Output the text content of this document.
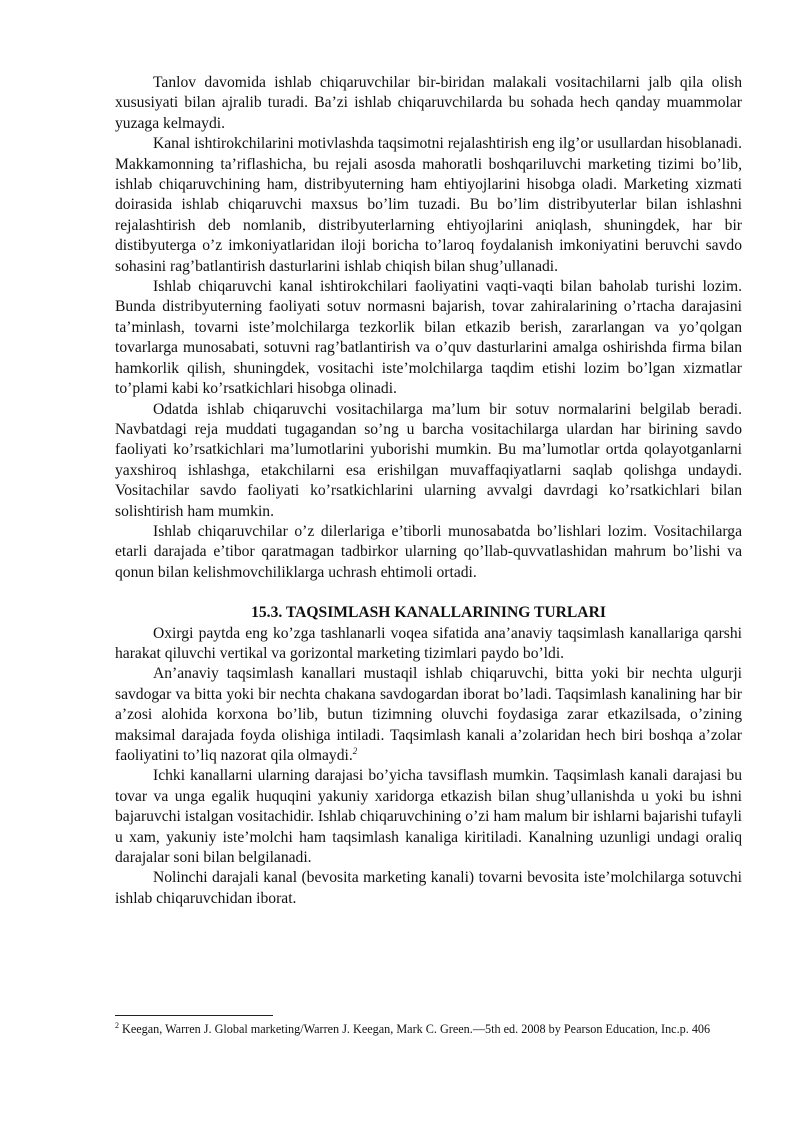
Tanlov davomida ishlab chiqaruvchilar bir-biridan malakali vositachilarni jalb qila olish xususiyati bilan ajralib turadi. Ba’zi ishlab chiqaruvchilarda bu sohada hech qanday muammolar yuzaga kelmaydi.

Kanal ishtirokchilarini motivlashda taqsimotni rejalashtirish eng ilg’or usullardan hisoblanadi. Makkamonning ta’riflashicha, bu rejali asosda mahoratli boshqariluvchi marketing tizimi bo’lib, ishlab chiqaruvchining ham, distribyuterning ham ehtiyojlarini hisobga oladi. Marketing xizmati doirasida ishlab chiqaruvchi maxsus bo’lim tuzadi. Bu bo’lim distribyuterlar bilan ishlashni rejalashtirish deb nomlanib, distribyuterlarning ehtiyojlarini aniqlash, shuningdek, har bir distibyuterga o’z imkoniyatlaridan iloji boricha to’laroq foydalanish imkoniyatini beruvchi savdo sohasini rag’batlantirish dasturlarini ishlab chiqish bilan shug’ullanadi.

Ishlab chiqaruvchi kanal ishtirokchilari faoliyatini vaqti-vaqti bilan baholab turishi lozim. Bunda distribyuterning faoliyati sotuv normasni bajarish, tovar zahiralarining o’rtacha darajasini ta’minlash, tovarni iste’molchilarga tezkorlik bilan etkazib berish, zararlangan va yo’qolgan tovarlarga munosabati, sotuvni rag’batlantirish va o’quv dasturlarini amalga oshirishda firma bilan hamkorlik qilish, shuningdek, vositachi iste’molchilarga taqdim etishi lozim bo’lgan xizmatlar to’plami kabi ko’rsatkichlari hisobga olinadi.

Odatda ishlab chiqaruvchi vositachilarga ma’lum bir sotuv normalarini belgilab beradi. Navbatdagi reja muddati tugagandan so’ng u barcha vositachilarga ulardan har birining savdo faoliyati ko’rsatkichlari ma’lumotlarini yuborishi mumkin. Bu ma’lumotlar ortda qolayotganlarni yaxshiroq ishlashga, etakchilarni esa erishilgan muvaffaqiyatlarni saqlab qolishga undaydi. Vositachilar savdo faoliyati ko’rsatkichlarini ularning avvalgi davrdagi ko’rsatkichlari bilan solishtirish ham mumkin.

Ishlab chiqaruvchilar o’z dilerlariga e’tiborli munosabatda bo’lishlari lozim. Vositachilarga etarli darajada e’tibor qaratmagan tadbirkor ularning qo’llab-quvvatlashidan mahrum bo’lishi va qonun bilan kelishmovchiliklarga uchrash ehtimoli ortadi.

15.3. TAQSIMLASH KANALLARINING TURLARI

Oxirgi paytda eng ko’zga tashlanarli voqea sifatida ana’anaviy taqsimlash kanallariga qarshi harakat qiluvchi vertikal va gorizontal marketing tizimlari paydo bo’ldi.

An’anaviy taqsimlash kanallari mustaqil ishlab chiqaruvchi, bitta yoki bir nechta ulgurji savdogar va bitta yoki bir nechta chakana savdogardan iborat bo’ladi. Taqsimlash kanalining har bir a’zosi alohida korxona bo’lib, butun tizimning oluvchi foydasiga zarar etkazilsada, o’zining maksimal darajada foyda olishiga intiladi. Taqsimlash kanali a’zolaridan hech biri boshqa a’zolar faoliyatini to’liq nazorat qila olmaydi.$^2$

Ichki kanallarni ularning darajasi bo’yicha tavsiflash mumkin. Taqsimlash kanali darajasi bu tovar va unga egalik huquqini yakuniy xaridorga etkazish bilan shug’ullanishda u yoki bu ishni bajaruvchi istalgan vositachidir. Ishlab chiqaruvchining o’zi ham malum bir ishlarni bajarishi tufayli u xam, yakuniy iste’molchi ham taqsimlash kanaliga kiritiladi. Kanalning uzunligi undagi oraliq darajalar soni bilan belgilanadi.

Nolinchi darajali kanal (bevosita marketing kanali) tovarni bevosita iste’molchilarga sotuvchi ishlab chiqaruvchidan iborat.

$^2$ Keegan, Warren J. Global marketing/Warren J. Keegan, Mark C. Green.—5th ed. 2008 by Pearson Education, Inc.p. 406
